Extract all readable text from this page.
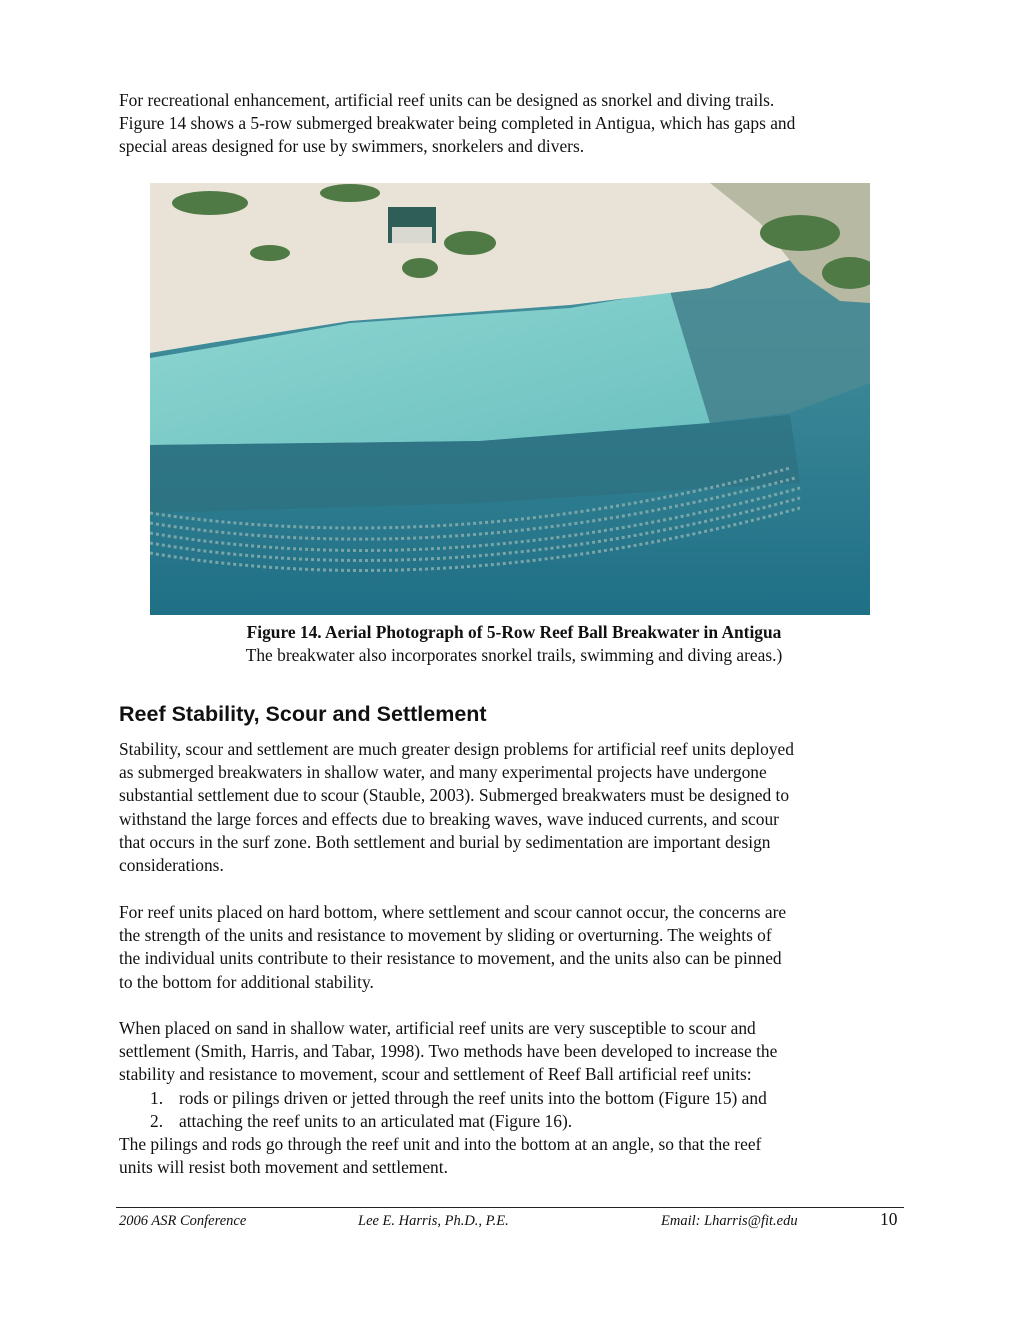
For recreational enhancement, artificial reef units can be designed as snorkel and diving trails.
Figure 14 shows a 5-row submerged breakwater being completed in Antigua, which has gaps and
special areas designed for use by swimmers, snorkelers and divers.

Figure 14. Aerial Photograph of 5-Row Reef Ball Breakwater in Antigua

The breakwater also incorporates snorkel trails, swimming and diving areas.)

Reef Stability, Scour and Settlement

Stability, scour and settlement are much greater design problems for artificial reef units deployed
as submerged breakwaters in shallow water, and many experimental projects have undergone
substantial settlement due to scour (Stauble, 2003). Submerged breakwaters must be designed to
withstand the large forces and effects due to breaking waves, wave induced currents, and scour
that occurs in the surf zone. Both settlement and burial by sedimentation are important design
considerations.

For reef units placed on hard bottom, where settlement and scour cannot occur, the concerns are
the strength of the units and resistance to movement by sliding or overturning. The weights of
the individual units contribute to their resistance to movement, and the units also can be pinned
to the bottom for additional stability.

When placed on sand in shallow water, artificial reef units are very susceptible to scour and
settlement (Smith, Harris, and Tabar, 1998). Two methods have been developed to increase the
stability and resistance to movement, scour and settlement of Reef Ball artificial reef units:

1. rods or pilings driven or jetted through the reef units into the bottom (Figure 15) and
2. attaching the reef units to an articulated mat (Figure 16).

The pilings and rods go through the reef unit and into the bottom at an angle, so that the reef
units will resist both movement and settlement.

2006 ASR Conference	Lee E. Harris, Ph.D., P.E.	Email: Lharris@fit.edu	10
